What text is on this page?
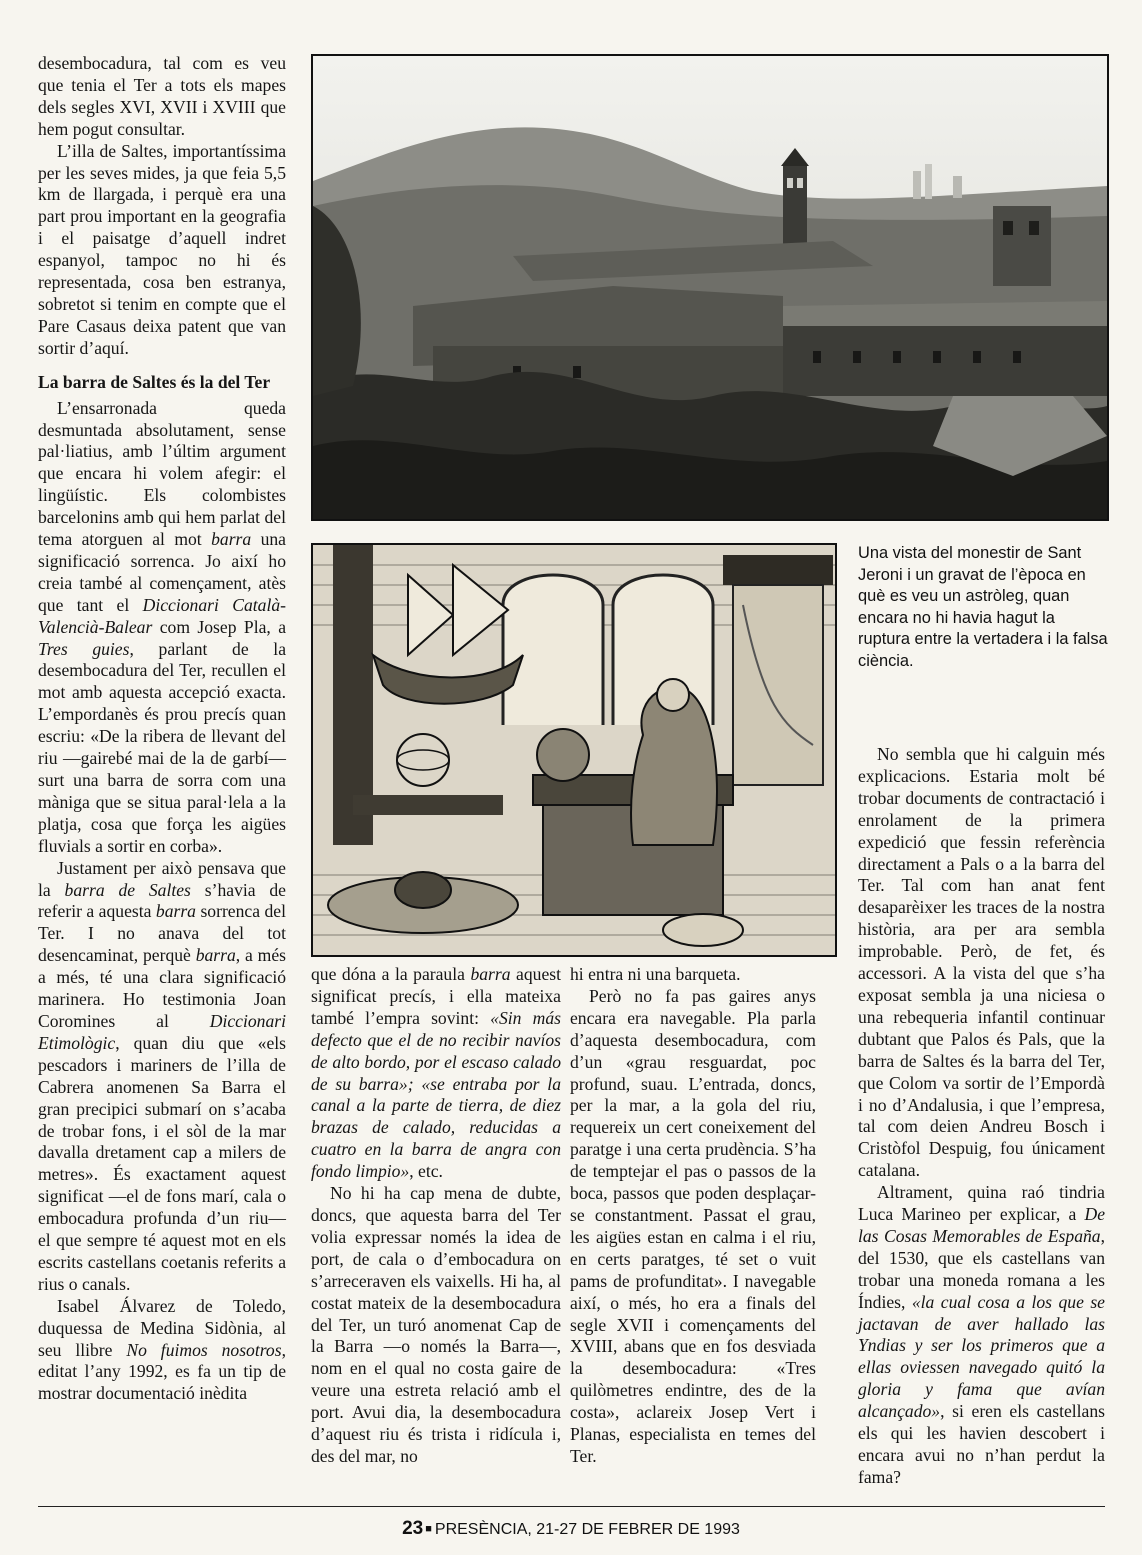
desembocadura, tal com es veu que tenia el Ter a tots els mapes dels segles XVI, XVII i XVIII que hem pogut consultar.

L’illa de Saltes, importantíssima per les seves mides, ja que feia 5,5 km de llargada, i perquè era una part prou important en la geografia i el paisatge d’aquell indret espanyol, tampoc no hi és representada, cosa ben estranya, sobretot si tenim en compte que el Pare Casaus deixa patent que van sortir d’aquí.

La barra de Saltes és la del Ter

L’ensarronada queda desmuntada absolutament, sense pal·liatius, amb l’últim argument que encara hi volem afegir: el lingüístic. Els colombistes barcelonins amb qui hem parlat del tema atorguen al mot barra una significació sorrenca. Jo així ho creia també al començament, atès que tant el Diccionari Català-Valencià-Balear com Josep Pla, a Tres guies, parlant de la desembocadura del Ter, recullen el mot amb aquesta accepció exacta. L’empordanès és prou precís quan escriu: «De la ribera de llevant del riu —gairebé mai de la de garbí— surt una barra de sorra com una màniga que se situa paral·lela a la platja, cosa que força les aigües fluvials a sortir en corba».

Justament per això pensava que la barra de Saltes s’havia de referir a aquesta barra sorrenca del Ter. I no anava del tot desencaminat, perquè barra, a més a més, té una clara significació marinera. Ho testimonia Joan Coromines al Diccionari Etimològic, quan diu que «els pescadors i mariners de l’illa de Cabrera anomenen Sa Barra el gran precipici submarí on s’acaba de trobar fons, i el sòl de la mar davalla dretament cap a milers de metres». És exactament aquest significat —el de fons marí, cala o embocadura profunda d’un riu— el que sempre té aquest mot en els escrits castellans coetanis referits a rius o canals.

Isabel Álvarez de Toledo, duquessa de Medina Sidònia, al seu llibre No fuimos nosotros, editat l’any 1992, es fa un tip de mostrar documentació inèdita

Una vista del monestir de Sant Jeroni i un gravat de l’època en què es veu un astròleg, quan encara no hi havia hagut la ruptura entre la vertadera i la falsa ciència.

que dóna a la paraula barra aquest significat precís, i ella mateixa també l’empra sovint: «Sin más defecto que el de no recibir navíos de alto bordo, por el escaso calado de su barra»; «se entraba por la canal a la parte de tierra, de diez brazas de calado, reducidas a cuatro en la barra de angra con fondo limpio», etc.

No hi ha cap mena de dubte, doncs, que aquesta barra del Ter volia expressar només la idea de port, de cala o d’embocadura on s’arreceraven els vaixells. Hi ha, al costat mateix de la desembocadura del Ter, un turó anomenat Cap de la Barra —o només la Barra—, nom en el qual no costa gaire de veure una estreta relació amb el port. Avui dia, la desembocadura d’aquest riu és trista i ridícula i, des del mar, no

hi entra ni una barqueta.

Però no fa pas gaires anys encara era navegable. Pla parla d’aquesta desembocadura, com d’un «grau resguardat, poc profund, suau. L’entrada, doncs, per la mar, a la gola del riu, requereix un cert coneixement del paratge i una certa prudència. S’ha de temptejar el pas o passos de la boca, passos que poden desplaçar-se constantment. Passat el grau, les aigües estan en calma i el riu, en certs paratges, té set o vuit pams de profunditat». I navegable així, o més, ho era a finals del segle XVII i començaments del XVIII, abans que en fos desviada la desembocadura: «Tres quilòmetres endintre, des de la costa», aclareix Josep Vert i Planas, especialista en temes del Ter.

No sembla que hi calguin més explicacions. Estaria molt bé trobar documents de contractació i enrolament de la primera expedició que fessin referència directament a Pals o a la barra del Ter. Tal com han anat fent desaparèixer les traces de la nostra història, ara per ara sembla improbable. Però, de fet, és accessori. A la vista del que s’ha exposat sembla ja una niciesa o una rebequeria infantil continuar dubtant que Palos és Pals, que la barra de Saltes és la barra del Ter, que Colom va sortir de l’Empordà i no d’Andalusia, i que l’empresa, tal com deien Andreu Bosch i Cristòfol Despuig, fou únicament catalana.

Altrament, quina raó tindria Luca Marineo per explicar, a De las Cosas Memorables de España, del 1530, que els castellans van trobar una moneda romana a les Índies, «la cual cosa a los que se jactavan de aver hallado las Yndias y ser los primeros que a ellas oviessen navegado quitó la gloria y fama que avían alcançado», si eren els castellans els qui les havien descobert i encara avui no n’han perdut la fama?

23 ■ PRESÈNCIA, 21-27 DE FEBRER DE 1993
